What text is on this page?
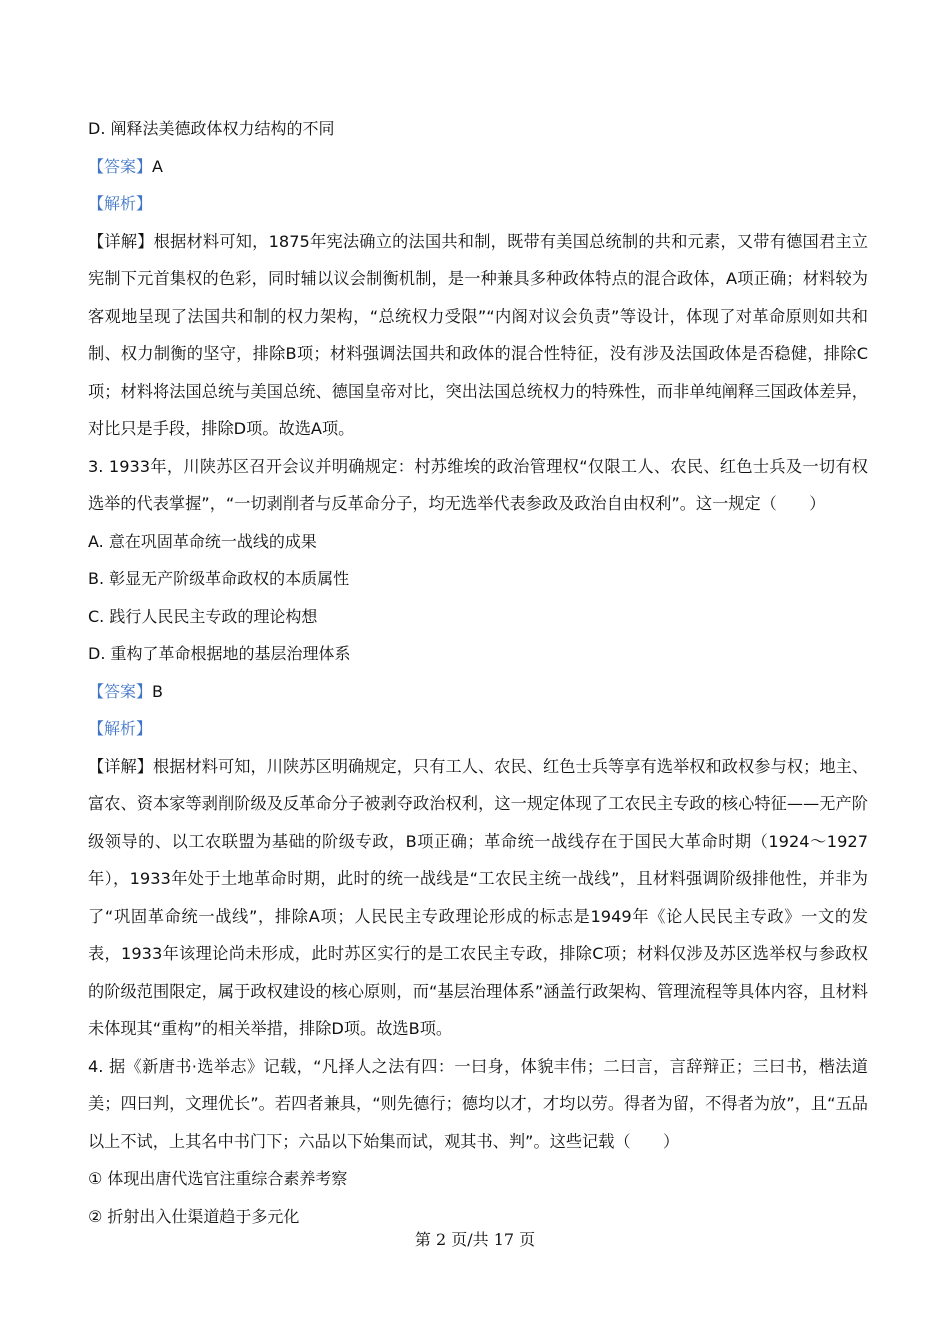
D. 阐释法美德政体权力结构的不同
【答案】A
【解析】
【详解】根据材料可知，1875年宪法确立的法国共和制，既带有美国总统制的共和元素，又带有德国君主立宪制下元首集权的色彩，同时辅以议会制衡机制，是一种兼具多种政体特点的混合政体，A项正确；材料较为客观地呈现了法国共和制的权力架构，“总统权力受限”“内阁对议会负责”等设计，体现了对革命原则如共和制、权力制衡的坚守，排除B项；材料强调法国共和政体的混合性特征，没有涉及法国政体是否稳健，排除C项；材料将法国总统与美国总统、德国皇帝对比，突出法国总统权力的特殊性，而非单纯阐释三国政体差异，对比只是手段，排除D项。故选A项。
3. 1933年，川陕苏区召开会议并明确规定：村苏维埃的政治管理权“仅限工人、农民、红色士兵及一切有权选举的代表掌握”，“一切剥削者与反革命分子，均无选举代表参政及政治自由权利”。这一规定（　　）
A. 意在巩固革命统一战线的成果
B. 彰显无产阶级革命政权的本质属性
C. 践行人民民主专政的理论构想
D. 重构了革命根据地的基层治理体系
【答案】B
【解析】
【详解】根据材料可知，川陕苏区明确规定，只有工人、农民、红色士兵等享有选举权和政权参与权；地主、富农、资本家等剥削阶级及反革命分子被剥夺政治权利，这一规定体现了工农民主专政的核心特征——无产阶级领导的、以工农联盟为基础的阶级专政，B项正确；革命统一战线存在于国民大革命时期（1924～1927年），1933年处于土地革命时期，此时的统一战线是“工农民主统一战线”，且材料强调阶级排他性，并非为了“巩固革命统一战线”，排除A项；人民民主专政理论形成的标志是1949年《论人民民主专政》一文的发表，1933年该理论尚未形成，此时苏区实行的是工农民主专政，排除C项；材料仅涉及苏区选举权与参政权的阶级范围限定，属于政权建设的核心原则，而“基层治理体系”涵盖行政架构、管理流程等具体内容，且材料未体现其“重构”的相关举措，排除D项。故选B项。
4. 据《新唐书·选举志》记载，“凡择人之法有四：一曰身，体貌丰伟；二曰言，言辞辩正；三曰书，楷法道美；四曰判，文理优长”。若四者兼具，“则先德行；德均以才，才均以劳。得者为留，不得者为放”，且“五品以上不试，上其名中书门下；六品以下始集而试，观其书、判”。这些记载（　　）
① 体现出唐代选官注重综合素养考察
② 折射出入仕渠道趋于多元化
第 2 页/共 17 页
